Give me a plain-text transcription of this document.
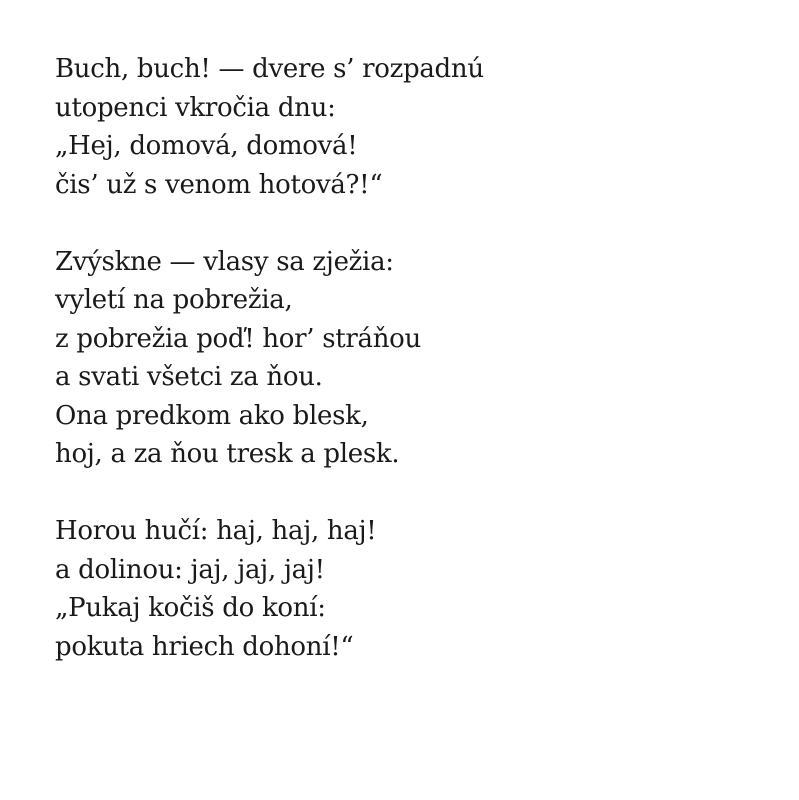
Buch, buch! — dvere s’ rozpadnú
utopenci vkročia dnu:
„Hej, domová, domová!
čis’ už s venom hotová?!“
Zvýskne — vlasy sa zježia:
vyletí na pobrežia,
z pobrežia poď! hor’ stráňou
a svati všetci za ňou.
Ona predkom ako blesk,
hoj, a za ňou tresk a plesk.
Horou hučí: haj, haj, haj!
a dolinou: jaj, jaj, jaj!
„Pukaj kočiš do koní:
pokuta hriech dohoní!“
